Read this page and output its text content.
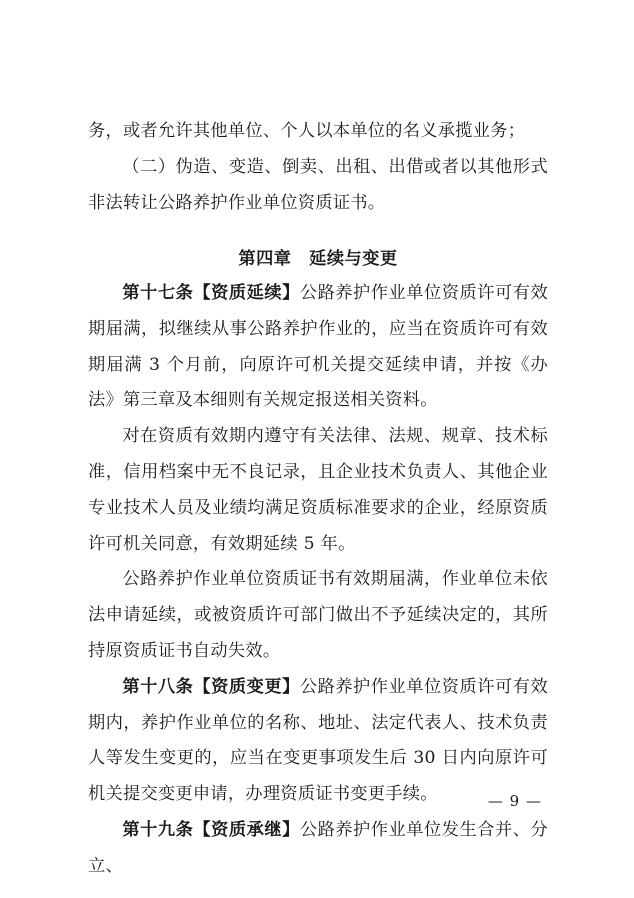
务，或者允许其他单位、个人以本单位的名义承揽业务；

（二）伪造、变造、倒卖、出租、出借或者以其他形式非法转让公路养护作业单位资质证书。

第四章　延续与变更

第十七条【资质延续】公路养护作业单位资质许可有效期届满，拟继续从事公路养护作业的，应当在资质许可有效期届满 3 个月前，向原许可机关提交延续申请，并按《办法》第三章及本细则有关规定报送相关资料。

对在资质有效期内遵守有关法律、法规、规章、技术标准，信用档案中无不良记录，且企业技术负责人、其他企业专业技术人员及业绩均满足资质标准要求的企业，经原资质许可机关同意，有效期延续 5 年。

公路养护作业单位资质证书有效期届满，作业单位未依法申请延续，或被资质许可部门做出不予延续决定的，其所持原资质证书自动失效。

第十八条【资质变更】公路养护作业单位资质许可有效期内，养护作业单位的名称、地址、法定代表人、技术负责人等发生变更的，应当在变更事项发生后 30 日内向原许可机关提交变更申请，办理资质证书变更手续。

第十九条【资质承继】公路养护作业单位发生合并、分立、

— 9 —
